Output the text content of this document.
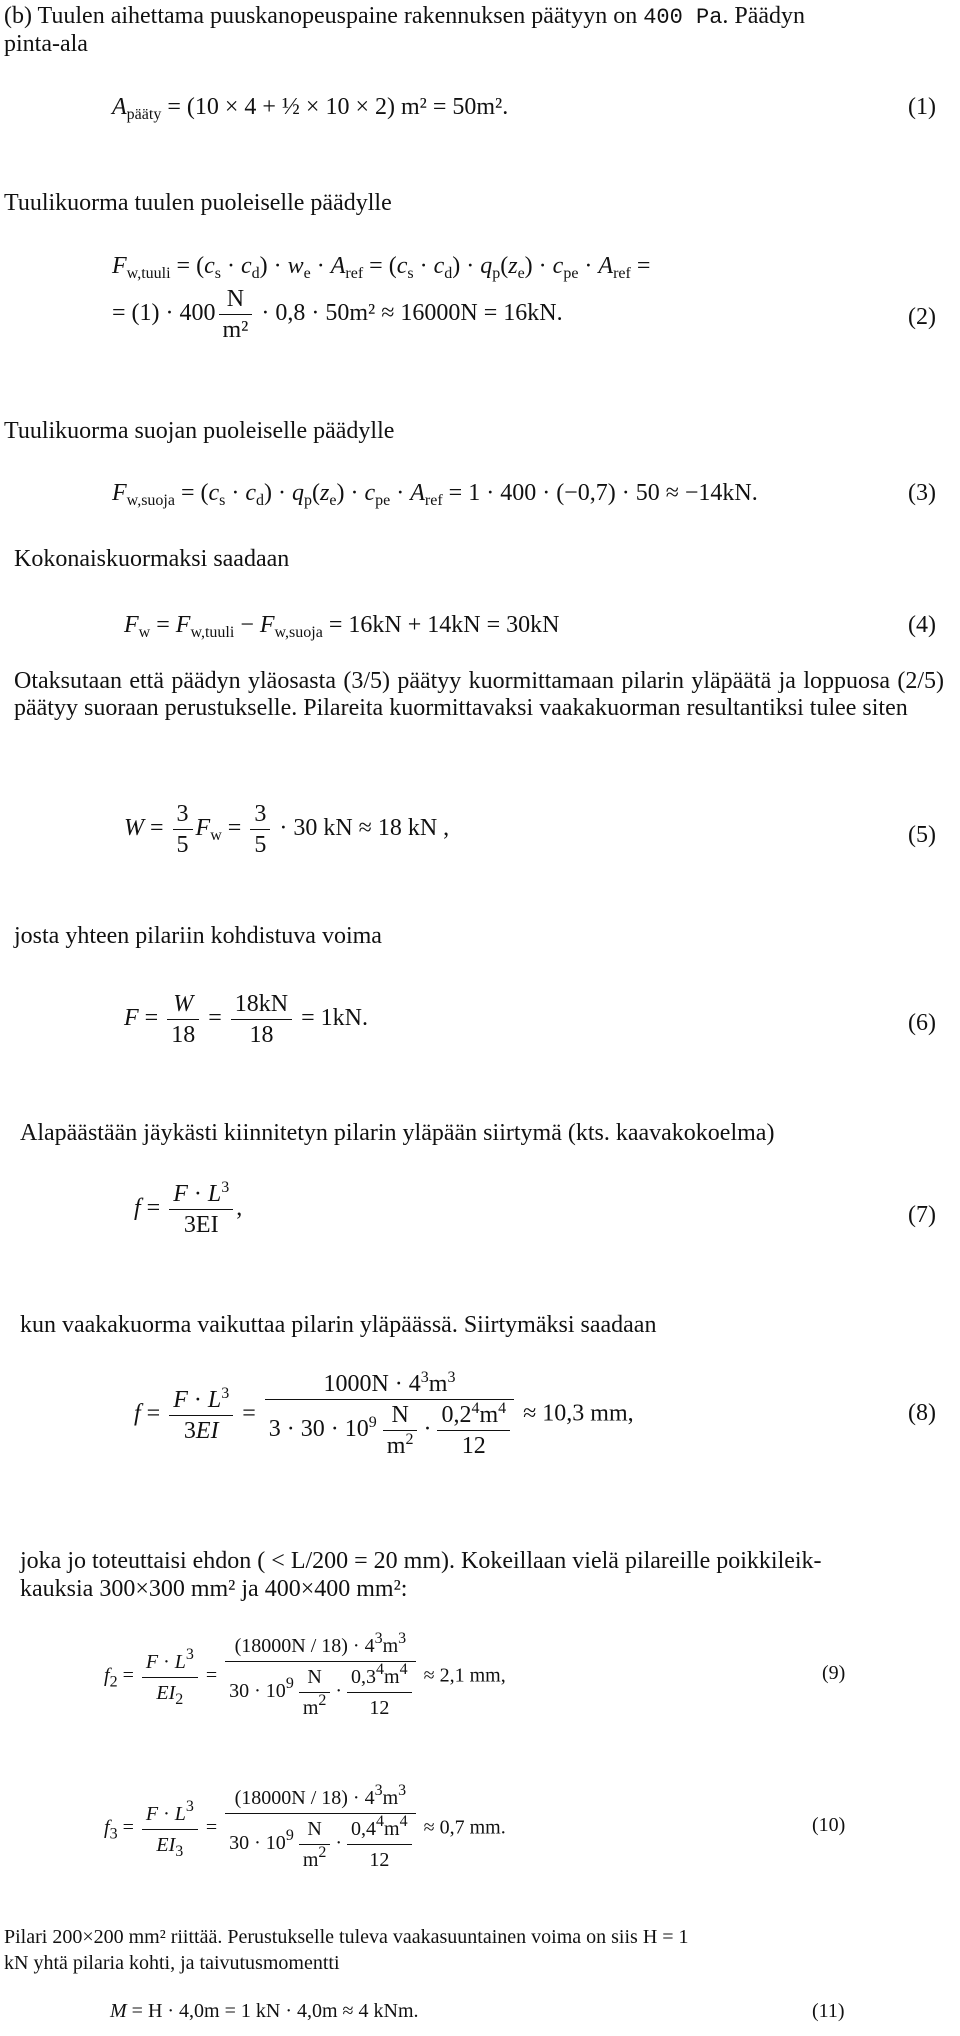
(b) Tuulen aihettama puuskanopeuspaine rakennuksen päätyyn on 400 Pa. Päädyn
pinta-ala
$A_{pääty} = (10 \times 4$ + ½ × 10 × 2) m² = 50m².	(1)
Tuulikuorma tuulen puoleiselle päädylle
$F_{w,tuuli} = (c_s \cdot c_d) \cdot w_e \cdot A_{ref} = (c_s \cdot c_d) \cdot q_p(z_e) \cdot c_{pe} \cdot A_{ref}$ =
= $(1) \cdot 400 \frac{N}{\text{m²}} \cdot 0,8 \cdot 50m^2 \approx 16000N = 16kN$.	(2)
Tuulikuorma suojan puoleiselle päädylle
$F_{w,suoja} = (c_s \cdot c_d) \cdot q_p(z_e) \cdot c_{pe} \cdot A_{ref} = 1 \cdot 400 \cdot (-0,7) \cdot 50 \approx -14kN$.	(3)
Kokonaiskuormaksi saadaan
$F_w = F_{w,tuuli} - F_{w,suoja} = 16kN + 14kN = 30kN$	(4)
Otaksutaan että päädyn yläosasta (3/5) päätyy kuormittamaan pilarin yläpäätä ja loppuosa (2/5) päätyy suoraan perustukselle. Pilareita kuormittavaksi vaakakuorman resultantiksi tulee siten
$W = \frac{3}{5} F_w = \frac{3}{5} \cdot 30$ kN ≈ 18 kN ,	(5)
josta yhteen pilariin kohdistuva voima
$F = \frac{W}{18} = \frac{18kN}{18} = 1kN$.	(6)
Alapäästään jäykästi kiinnitetyn pilarin yläpään siirtymä (kts. kaavakokoelma)
$f = \frac{F \cdot L^3}{3EI}$ ,	(7)
kun vaakakuorma vaikuttaa pilarin yläpäässä. Siirtymäksi saadaan
$f = \frac{F \cdot L^3}{3EI} = \frac{1000N \cdot 4^3m^3}{3 \cdot 30 \cdot 10^9 \frac{N}{m^2} \cdot \frac{0,2^4m^4}{12}} \approx 10,3$ mm,	(8)
joka jo toteuttaisi ehdon ( < L/200 = 20 mm). Kokeillaan vielä pilareille poikkileik-
kauksia 300×300 mm² ja 400×400 mm²:
$f_2 = \frac{F \cdot L^3}{EI_2} = \frac{(18000N / 18) \cdot 4^3m^3}{30 \cdot 10^9 \frac{N}{m^2} \cdot \frac{0,3^4m^4}{12}} \approx 2,1$ mm,	(9)
$f_3 = \frac{F \cdot L^3}{EI_3} = \frac{(18000N / 18) \cdot 4^3m^3}{30 \cdot 10^9 \frac{N}{m^2} \cdot \frac{0,4^4m^4}{12}} \approx 0,7$ mm.	(10)
Pilari 200×200 mm² riittää. Perustukselle tuleva vaakasuuntainen voima on siis H = 1
kN yhtä pilaria kohti, ja taivutusmomentti
M = H · 4,0m = 1 kN · 4,0m ≈ 4 kNm.	(11)
